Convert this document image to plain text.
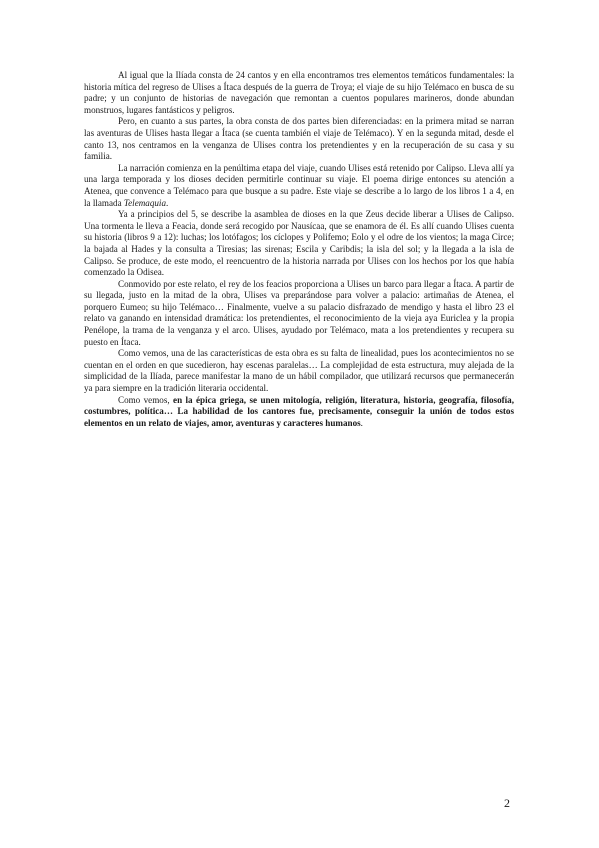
Al igual que la Ilíada consta de 24 cantos y en ella encontramos tres elementos temáticos fundamentales: la historia mítica del regreso de Ulises a Ítaca después de la guerra de Troya; el viaje de su hijo Telémaco en busca de su padre; y un conjunto de historias de navegación que remontan a cuentos populares marineros, donde abundan monstruos, lugares fantásticos y peligros.

Pero, en cuanto a sus partes, la obra consta de dos partes bien diferenciadas: en la primera mitad se narran las aventuras de Ulises hasta llegar a Ítaca (se cuenta también el viaje de Telémaco). Y en la segunda mitad, desde el canto 13, nos centramos en la venganza de Ulises contra los pretendientes y en la recuperación de su casa y su familia.

La narración comienza en la penúltima etapa del viaje, cuando Ulises está retenido por Calipso. Lleva allí ya una larga temporada y los dioses deciden permitirle continuar su viaje. El poema dirige entonces su atención a Atenea, que convence a Telémaco para que busque a su padre. Este viaje se describe a lo largo de los libros 1 a 4, en la llamada Telemaquia.

Ya a principios del 5, se describe la asamblea de dioses en la que Zeus decide liberar a Ulises de Calipso. Una tormenta le lleva a Feacia, donde será recogido por Nausícaa, que se enamora de él. Es allí cuando Ulises cuenta su historia (libros 9 a 12): luchas; los lotófagos; los cíclopes y Polifemo; Eolo y el odre de los vientos; la maga Circe; la bajada al Hades y la consulta a Tiresias; las sirenas; Escila y Caribdis; la isla del sol; y la llegada a la isla de Calipso. Se produce, de este modo, el reencuentro de la historia narrada por Ulises con los hechos por los que había comenzado la Odisea.

Conmovido por este relato, el rey de los feacios proporciona a Ulises un barco para llegar a Ítaca. A partir de su llegada, justo en la mitad de la obra, Ulises va preparándose para volver a palacio: artimañas de Atenea, el porquero Eumeo; su hijo Telémaco… Finalmente, vuelve a su palacio disfrazado de mendigo y hasta el libro 23 el relato va ganando en intensidad dramática: los pretendientes, el reconocimiento de la vieja aya Euriclea y la propia Penélope, la trama de la venganza y el arco. Ulises, ayudado por Telémaco, mata a los pretendientes y recupera su puesto en Ítaca.

Como vemos, una de las características de esta obra es su falta de linealidad, pues los acontecimientos no se cuentan en el orden en que sucedieron, hay escenas paralelas… La complejidad de esta estructura, muy alejada de la simplicidad de la Ilíada, parece manifestar la mano de un hábil compilador, que utilizará recursos que permanecerán ya para siempre en la tradición literaria occidental.

Como vemos, en la épica griega, se unen mitología, religión, literatura, historia, geografía, filosofía, costumbres, política… La habilidad de los cantores fue, precisamente, conseguir la unión de todos estos elementos en un relato de viajes, amor, aventuras y caracteres humanos.

2
